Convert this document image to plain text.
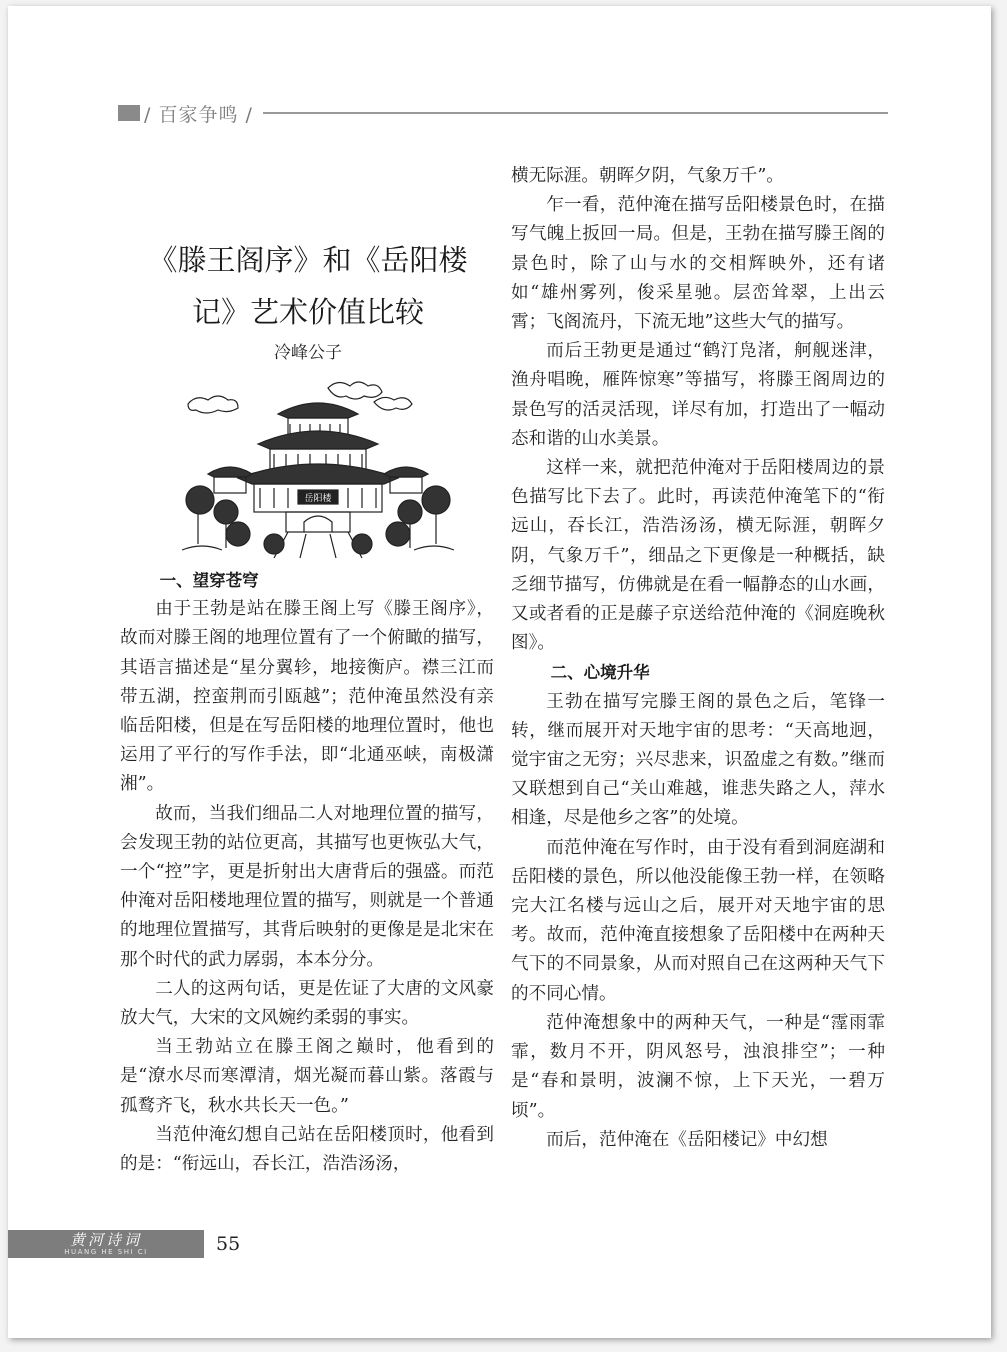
/ 百家争鸣 /
《滕王阁序》和《岳阳楼
记》艺术价值比较
冷峰公子
岳阳楼
一、望穿苍穹

由于王勃是站在滕王阁上写《滕王阁序》，故而对滕王阁的地理位置有了一个俯瞰的描写，其语言描述是“星分翼轸，地接衡庐。襟三江而带五湖，控蛮荆而引瓯越”；范仲淹虽然没有亲临岳阳楼，但是在写岳阳楼的地理位置时，他也运用了平行的写作手法，即“北通巫峡，南极潇湘”。

故而，当我们细品二人对地理位置的描写，会发现王勃的站位更高，其描写也更恢弘大气，一个“控”字，更是折射出大唐背后的强盛。而范仲淹对岳阳楼地理位置的描写，则就是一个普通的地理位置描写，其背后映射的更像是是北宋在那个时代的武力孱弱，本本分分。

二人的这两句话，更是佐证了大唐的文风豪放大气，大宋的文风婉约柔弱的事实。

当王勃站立在滕王阁之巅时，他看到的是“潦水尽而寒潭清，烟光凝而暮山紫。落霞与孤鹜齐飞，秋水共长天一色。”

当范仲淹幻想自己站在岳阳楼顶时，他看到的是：“衔远山，吞长江，浩浩汤汤，

横无际涯。朝晖夕阴，气象万千”。

乍一看，范仲淹在描写岳阳楼景色时，在描写气魄上扳回一局。但是，王勃在描写滕王阁的景色时，除了山与水的交相辉映外，还有诸如“雄州雾列，俊采星驰。层峦耸翠，上出云霄；飞阁流丹，下流无地”这些大气的描写。

而后王勃更是通过“鹤汀凫渚，舸舰迷津，渔舟唱晚，雁阵惊寒”等描写，将滕王阁周边的景色写的活灵活现，详尽有加，打造出了一幅动态和谐的山水美景。

这样一来，就把范仲淹对于岳阳楼周边的景色描写比下去了。此时，再读范仲淹笔下的“衔远山，吞长江，浩浩汤汤，横无际涯，朝晖夕阴，气象万千”，细品之下更像是一种概括，缺乏细节描写，仿佛就是在看一幅静态的山水画，又或者看的正是藤子京送给范仲淹的《洞庭晚秋图》。

二、心境升华

王勃在描写完滕王阁的景色之后，笔锋一转，继而展开对天地宇宙的思考：“天高地迥，觉宇宙之无穷；兴尽悲来，识盈虚之有数。”继而又联想到自己“关山难越，谁悲失路之人，萍水相逢，尽是他乡之客”的处境。

而范仲淹在写作时，由于没有看到洞庭湖和岳阳楼的景色，所以他没能像王勃一样，在领略完大江名楼与远山之后，展开对天地宇宙的思考。故而，范仲淹直接想象了岳阳楼中在两种天气下的不同景象，从而对照自己在这两种天气下的不同心情。

范仲淹想象中的两种天气，一种是“霪雨霏霏，数月不开，阴风怒号，浊浪排空”；一种是“春和景明，波澜不惊，上下天光，一碧万顷”。

而后，范仲淹在《岳阳楼记》中幻想

黄河诗词
HUANG HE SHI CI	55
